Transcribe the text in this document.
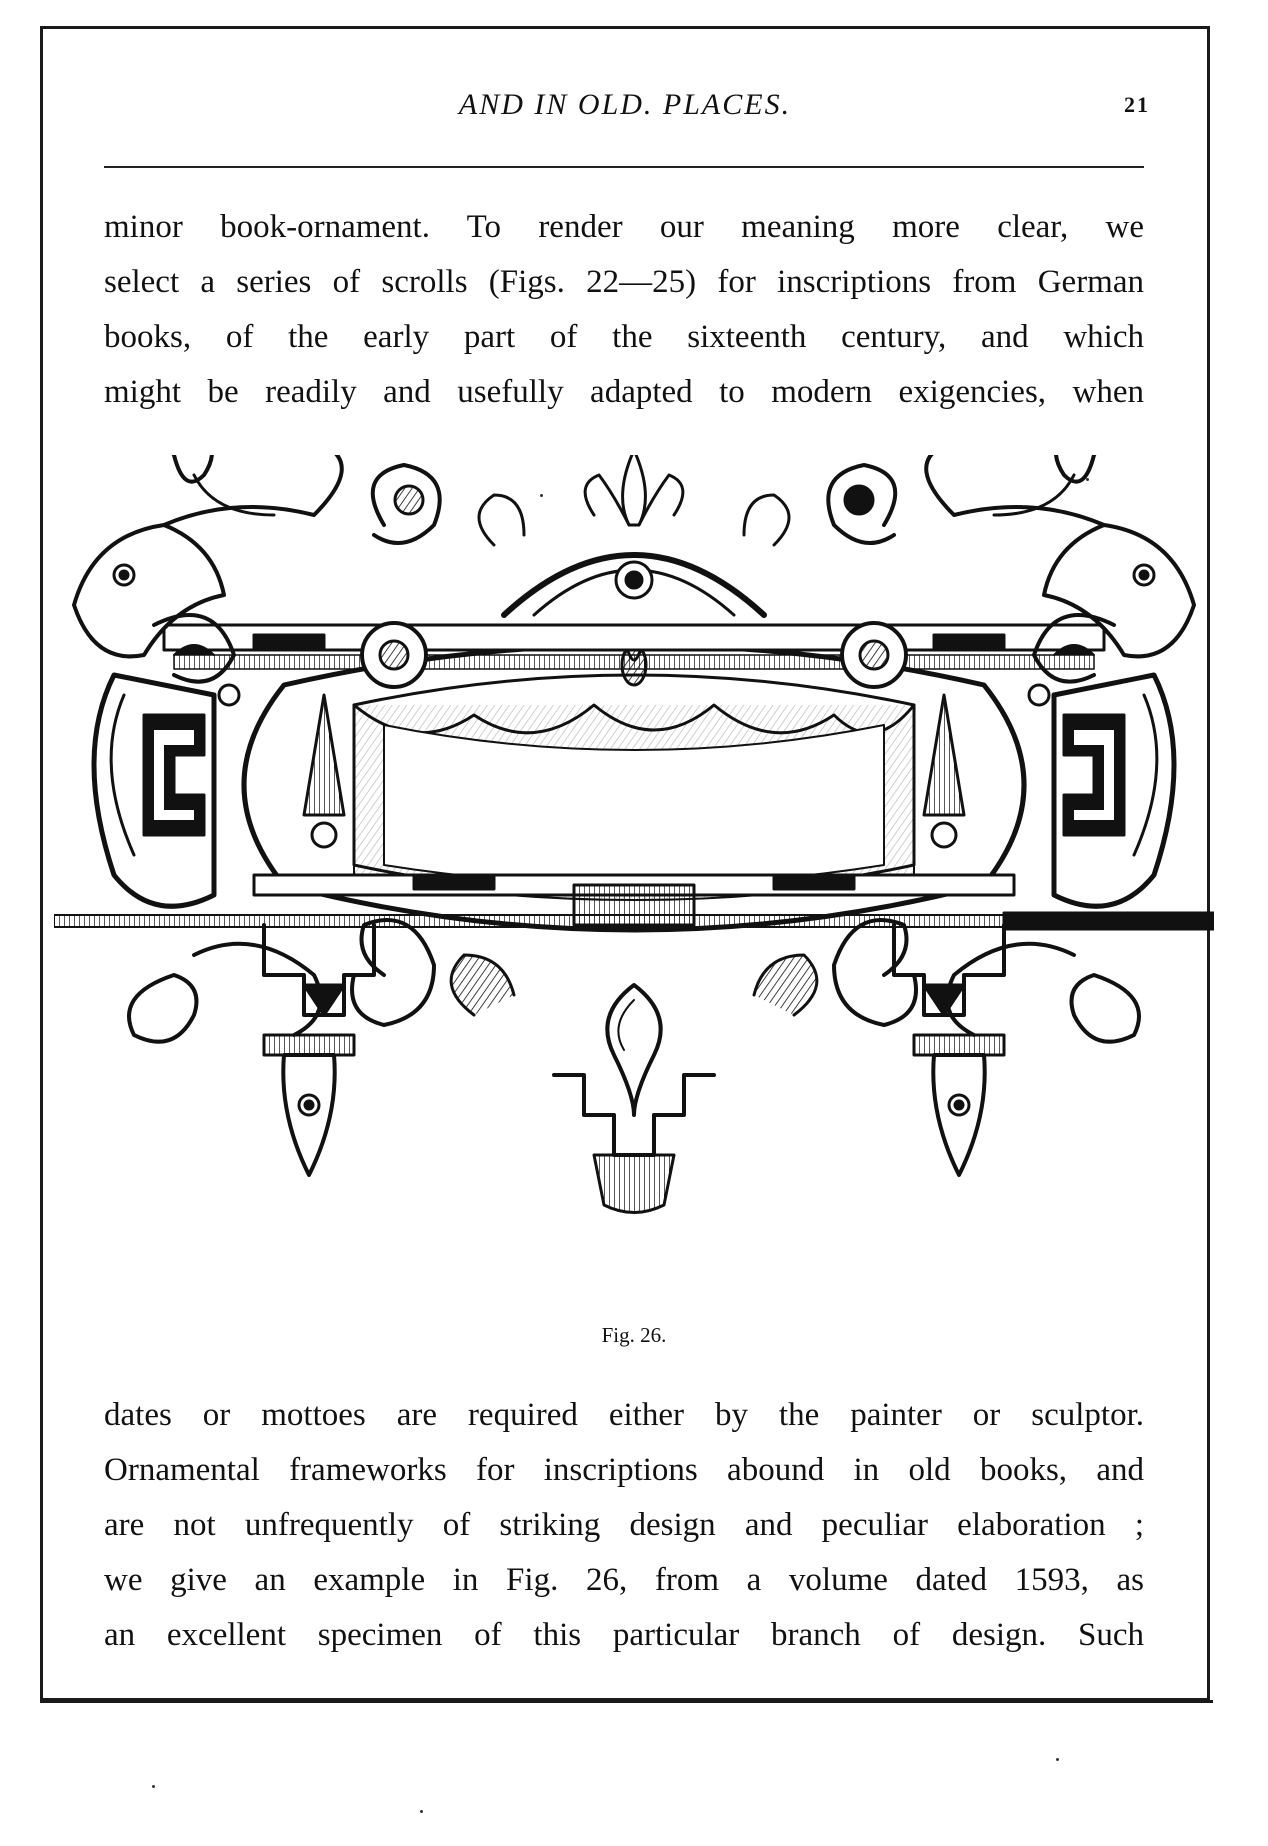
AND IN OLD. PLACES.	21
minor book-ornament. To render our meaning more clear, we
select a series of scrolls (Figs. 22—25) for inscriptions from German
books, of the early part of the sixteenth century, and which
might be readily and usefully adapted to modern exigencies, when
Fig. 26.
dates or mottoes are required either by the painter or sculptor.
Ornamental frameworks for inscriptions abound in old books, and
are not unfrequently of striking design and peculiar elaboration ;
we give an example in Fig. 26, from a volume dated 1593, as
an excellent specimen of this particular branch of design. Such
